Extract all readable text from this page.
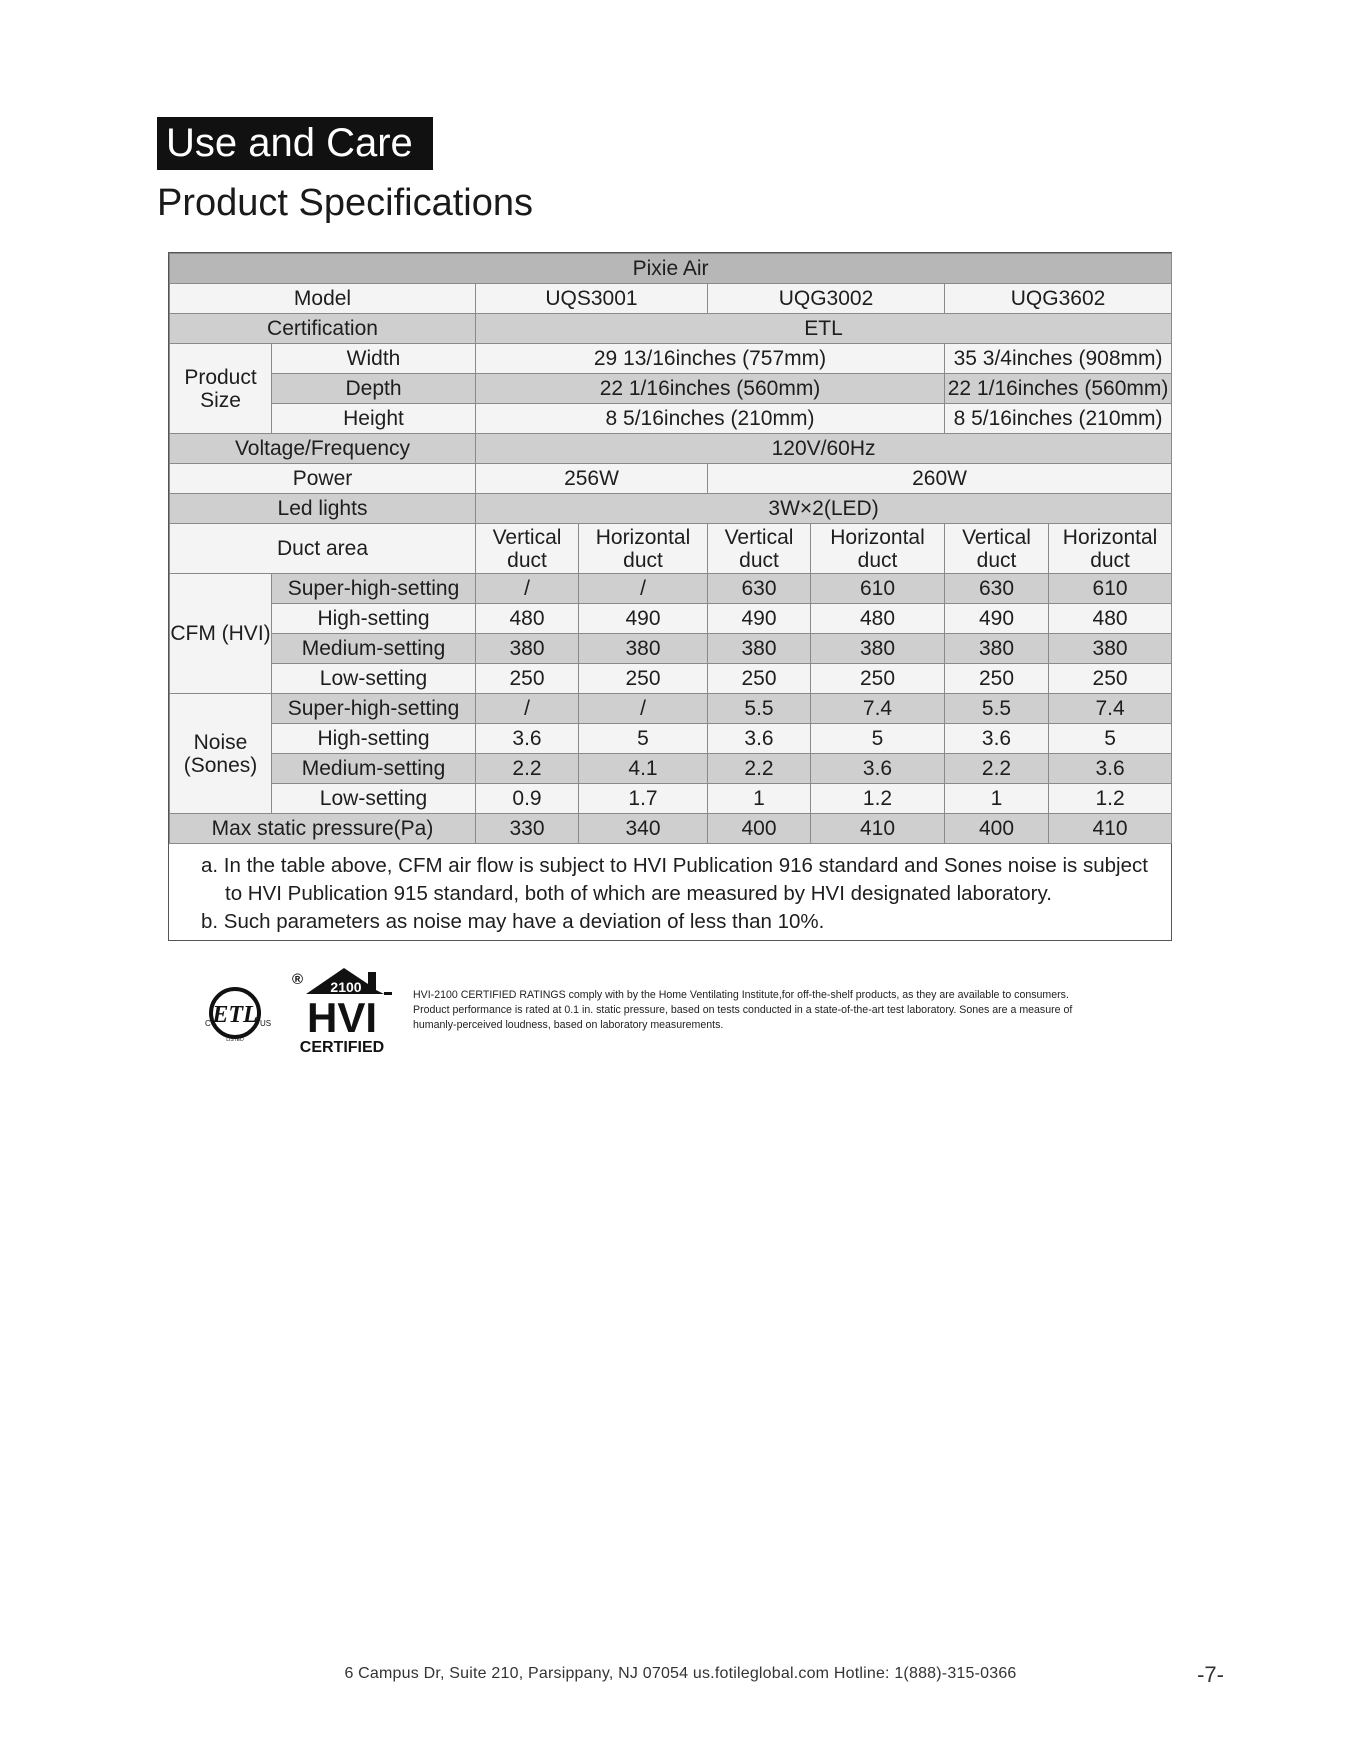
Use and Care
Product Specifications
Pixie Air							
Model		UQS3001		UQG3002		UQG3602	
Certification		ETL					
Product Size	Width	29 13/16inches (757mm)				35 3/4inches (908mm)	
	Depth	22 1/16inches (560mm)				22 1/16inches (560mm)	
	Height	8 5/16inches (210mm)				8 5/16inches (210mm)	
Voltage/Frequency		120V/60Hz					
Power		256W		260W			
Led lights		3W×2(LED)					
Duct area		Vertical duct	Horizontal duct	Vertical duct	Horizontal duct	Vertical duct	Horizontal duct
CFM (HVI)	Super-high-setting	/	/	630	610	630	610
	High-setting	480	490	490	480	490	480
	Medium-setting	380	380	380	380	380	380
	Low-setting	250	250	250	250	250	250
Noise (Sones)	Super-high-setting	/	/	5.5	7.4	5.5	7.4
	High-setting	3.6	5	3.6	5	3.6	5
	Medium-setting	2.2	4.1	2.2	3.6	2.2	3.6
	Low-setting	0.9	1.7	1	1.2	1	1.2
Max static pressure(Pa)		330	340	400	410	400	410
a. In the table above, CFM air flow is subject to HVI Publication 916 standard and Sones noise is subject to HVI Publication 915 standard, both of which are measured by HVI designated laboratory.
b. Such parameters as noise may have a deviation of less than 10%.
ETL
C	US
LISTED
® 2100
HVI
CERTIFIED
HVI-2100 CERTIFIED RATINGS comply with by the Home Ventilating Institute,for off-the-shelf products, as they are available to consumers. Product performance is rated at 0.1 in. static pressure, based on tests conducted in a state-of-the-art test laboratory. Sones are a measure of humanly-perceived loudness, based on laboratory measurements.
6 Campus Dr, Suite 210, Parsippany, NJ 07054 us.fotileglobal.com Hotline: 1(888)-315-0366	-7-
